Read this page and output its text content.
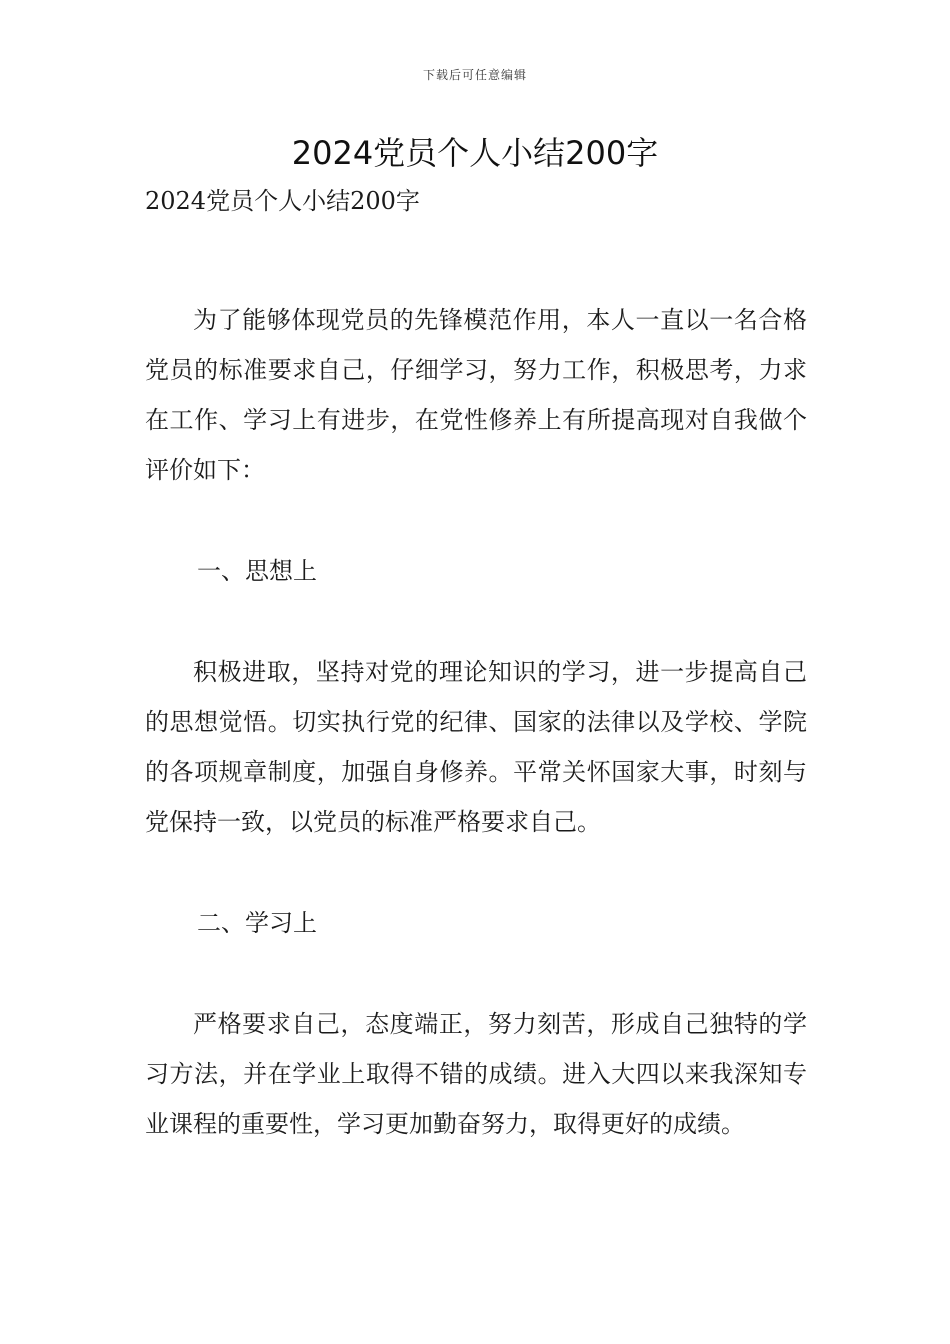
下载后可任意编辑
2024党员个人小结200字

2024党员个人小结200字

为了能够体现党员的先锋模范作用，本人一直以一名合格党员的标准要求自己，仔细学习，努力工作，积极思考，力求在工作、学习上有进步，在党性修养上有所提高现对自我做个评价如下：

一、思想上

积极进取，坚持对党的理论知识的学习，进一步提高自己的思想觉悟。切实执行党的纪律、国家的法律以及学校、学院的各项规章制度，加强自身修养。平常关怀国家大事，时刻与党保持一致，以党员的标准严格要求自己。

二、学习上

严格要求自己，态度端正，努力刻苦，形成自己独特的学习方法，并在学业上取得不错的成绩。进入大四以来我深知专业课程的重要性，学习更加勤奋努力，取得更好的成绩。
